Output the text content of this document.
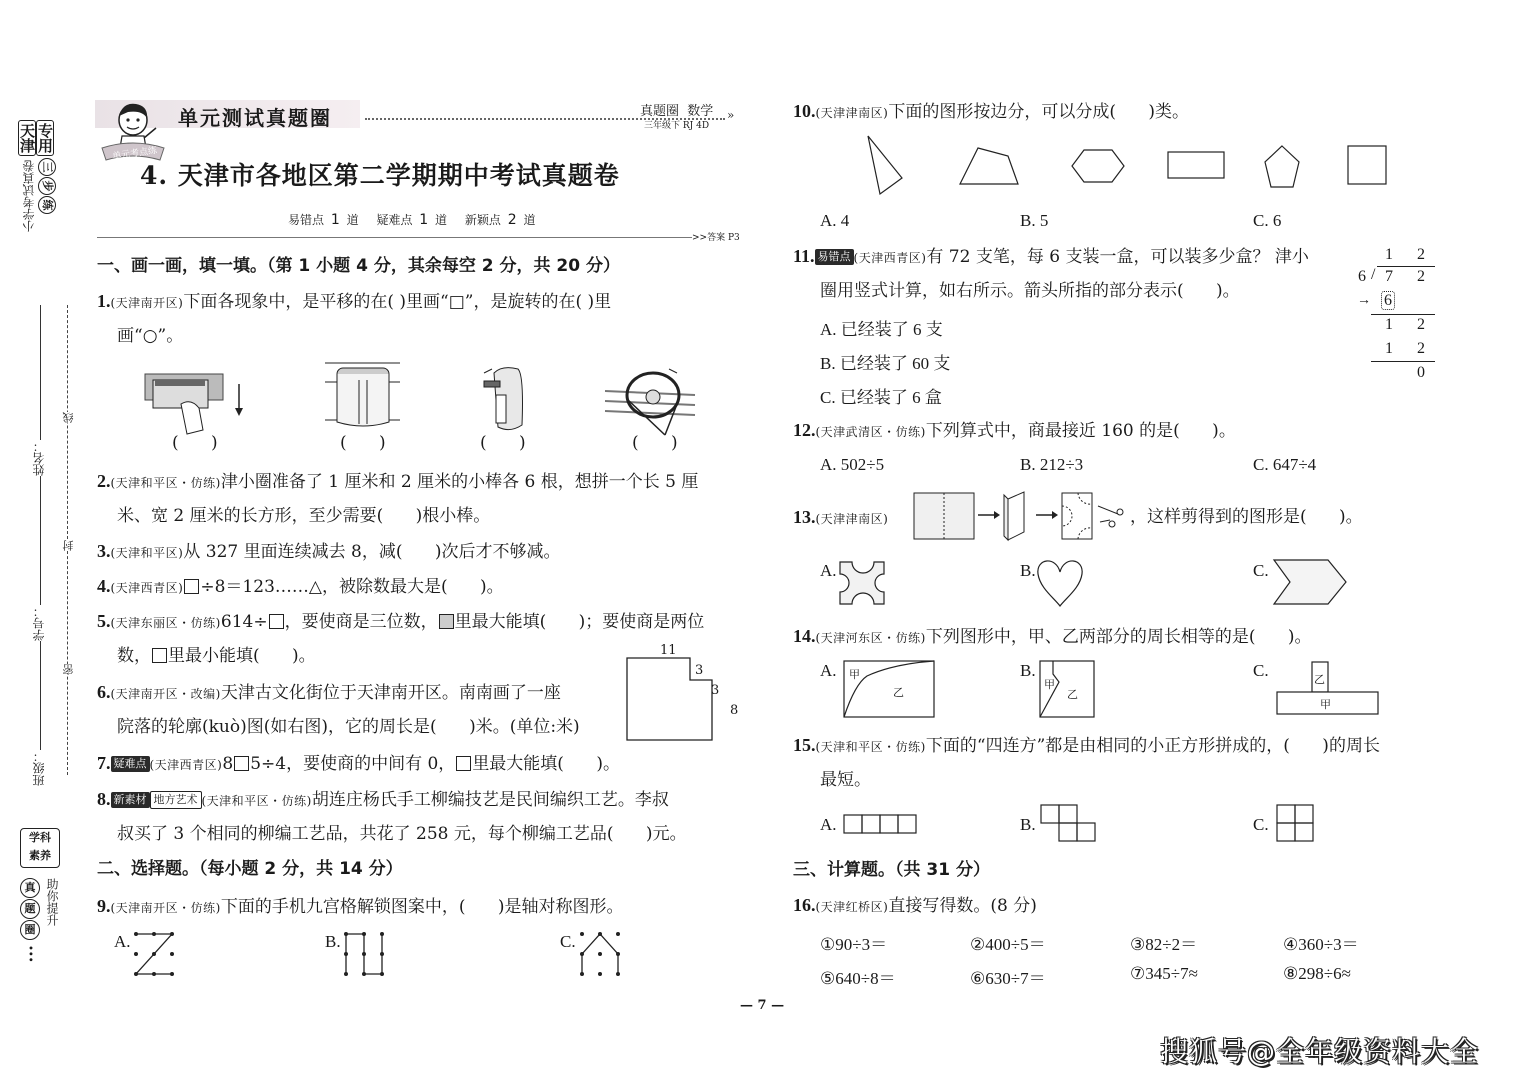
天津 专用
小学考试真卷 三
步
练
姓名：
学号：
班级：
线
封
密
学科
素养
真
题
圈
助你提升
•••
单元考点练
单元测试真题圈	真题圈  数学
三年级下 RJ 4D
»
4. 天津市各地区第二学期期中考试真题卷
易错点 1 道 疑难点 1 道 新颖点 2 道
>>答案 P3
一、画一画，填一填。（第 1 小题 4 分，其余每空 2 分，共 20 分）
1.(天津南开区)下面各现象中，是平移的在( )里画“□”，是旋转的在( )里
画“○”。
(      )	(      )	(      )	(      )
2.(天津和平区・仿练)津小圈准备了 1 厘米和 2 厘米的小棒各 6 根，想拼一个长 5 厘
米、宽 2 厘米的长方形，至少需要(      )根小棒。
3.(天津和平区)从 327 里面连续减去 8，减(      )次后才不够减。
4.(天津西青区) ÷8＝123……△，被除数最大是(      )。
5.(天津东丽区・仿练)614÷ ，要使商是三位数， 里最大能填(      )；要使商是两位
数， 里最小能填(      )。	11
3
3
8
6.(天津南开区・改编)天津古文化街位于天津南开区。南南画了一座
院落的轮廓(kuò)图(如右图)，它的周长是(      )米。(单位:米)
7. 疑难点 (天津西青区)8 5÷4，要使商的中间有 0， 里最大能填(      )。
8. 新素材 地方艺术 (天津和平区・仿练)胡连庄杨氏手工柳编技艺是民间编织工艺。李叔
叔买了 3 个相同的柳编工艺品，共花了 258 元，每个柳编工艺品(      )元。
二、选择题。（每小题 2 分，共 14 分）
9.(天津南开区・仿练)下面的手机九宫格解锁图案中，(      )是轴对称图形。
A.	B.	C.
10.(天津津南区)下面的图形按边分，可以分成(      )类。
A. 4	B. 5	C. 6
11. 易错点 (天津西青区)有 72 支笔，每 6 支装一盒，可以装多少盒？ 津小
圈用竖式计算，如右所示。箭头所指的部分表示(      )。
A. 已经装了 6 支
B. 已经装了 60 支
C. 已经装了 6 盒
1 2
6 / 7 2
→ 6
1 2
1 2
0
12.(天津武清区・仿练)下列算式中，商最接近 160 的是(      )。
A. 502÷5	B. 212÷3	C. 647÷4
13.(天津津南区)	，这样剪得到的图形是(      )。
A.	B.	C.
14.(天津河东区・仿练)下列图形中，甲、乙两部分的周长相等的是(      )。
A. 甲
乙
B.
甲
乙
C.	乙
甲
15.(天津和平区・仿练)下面的“四连方”都是由相同的小正方形拼成的，(      )的周长
最短。
A.	B.	C.
三、计算题。（共 31 分）
16.(天津红桥区)直接写得数。(8 分)
①90÷3＝	②400÷5＝	③82÷2＝	④360÷3＝
⑤640÷8＝	⑥630÷7＝	⑦345÷7≈	⑧298÷6≈
— 7 —
搜狐号@全年级资料大全
